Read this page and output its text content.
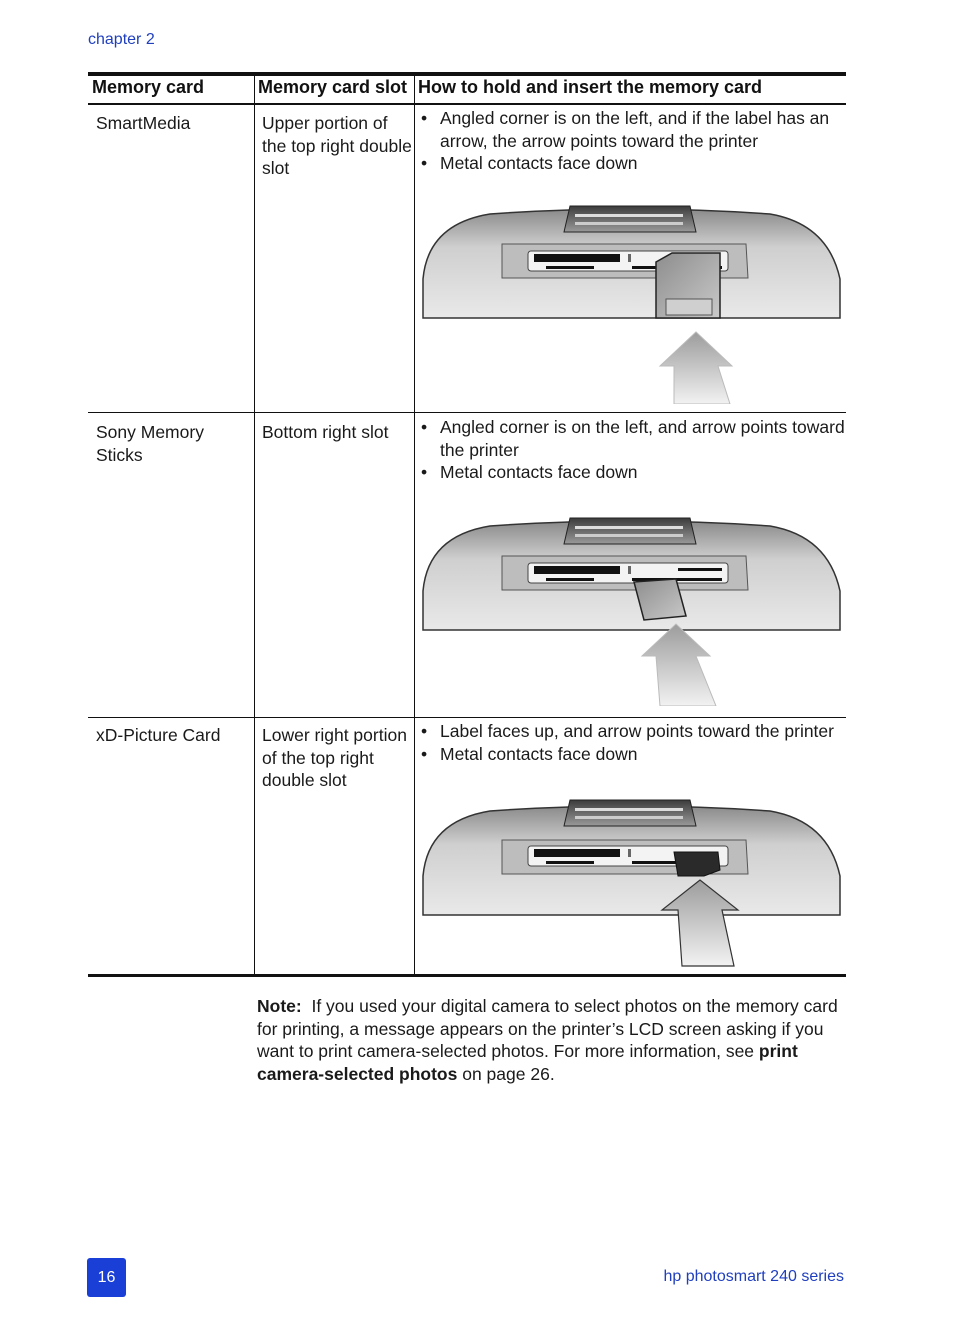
chapter 2
Memory card	Memory card slot How to hold and insert the memory card
SmartMedia	Upper portion of the top right double slot
• Angled corner is on the left, and if the label has an arrow, the arrow points toward the printer
• Metal contacts face down
Sony Memory Sticks
Bottom right slot
•	Angled corner is on the left, and arrow points toward the printer
• Metal contacts face down
xD-Picture Card	Lower right portion of the top right double slot
• Label faces up, and arrow points toward the printer
• Metal contacts face down
Note: If you used your digital camera to select photos on the memory card for printing, a message appears on the printer’s LCD screen asking if you want to print camera-selected photos. For more information, see print camera-selected photos on page 26.
16	hp photosmart 240 series
